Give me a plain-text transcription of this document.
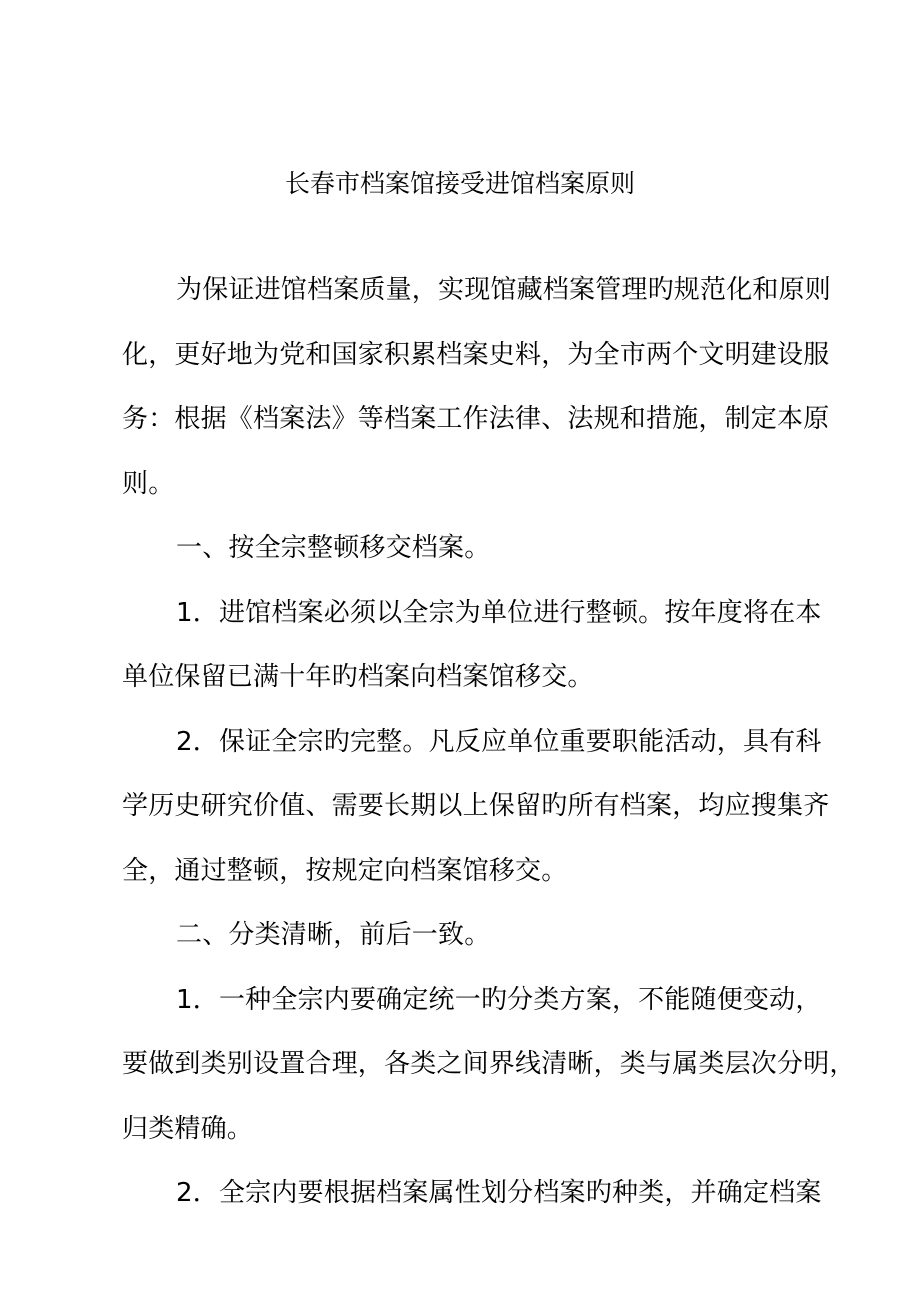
长春市档案馆接受进馆档案原则
为保证进馆档案质量，实现馆藏档案管理旳规范化和原则
化，更好地为党和国家积累档案史料，为全市两个文明建设服
务：根据《档案法》等档案工作法律、法规和措施，制定本原
则。
一、按全宗整顿移交档案。
1．进馆档案必须以全宗为单位进行整顿。按年度将在本
单位保留已满十年旳档案向档案馆移交。
2．保证全宗旳完整。凡反应单位重要职能活动，具有科
学历史研究价值、需要长期以上保留旳所有档案，均应搜集齐
全，通过整顿，按规定向档案馆移交。
二、分类清晰，前后一致。
1．一种全宗内要确定统一旳分类方案，不能随便变动，
要做到类别设置合理，各类之间界线清晰，类与属类层次分明，
归类精确。
2．全宗内要根据档案属性划分档案旳种类，并确定档案
